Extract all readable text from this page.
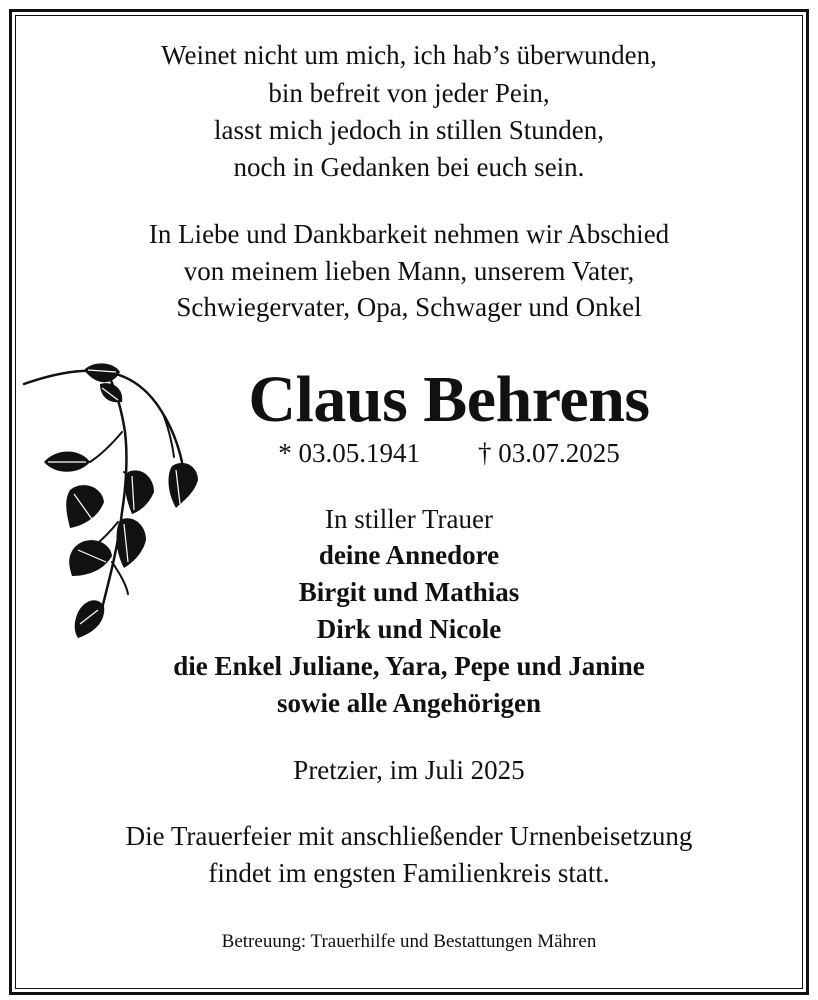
Weinet nicht um mich, ich hab’s überwunden,
bin befreit von jeder Pein,
lasst mich jedoch in stillen Stunden,
noch in Gedanken bei euch sein.
In Liebe und Dankbarkeit nehmen wir Abschied
von meinem lieben Mann, unserem Vater,
Schwiegervater, Opa, Schwager und Onkel
Claus Behrens
* 03.05.1941 † 03.07.2025
In stiller Trauer
deine Annedore
Birgit und Mathias
Dirk und Nicole
die Enkel Juliane, Yara, Pepe und Janine
sowie alle Angehörigen
Pretzier, im Juli 2025
Die Trauerfeier mit anschließender Urnenbeisetzung
findet im engsten Familienkreis statt.
Betreuung: Trauerhilfe und Bestattungen Mähren
